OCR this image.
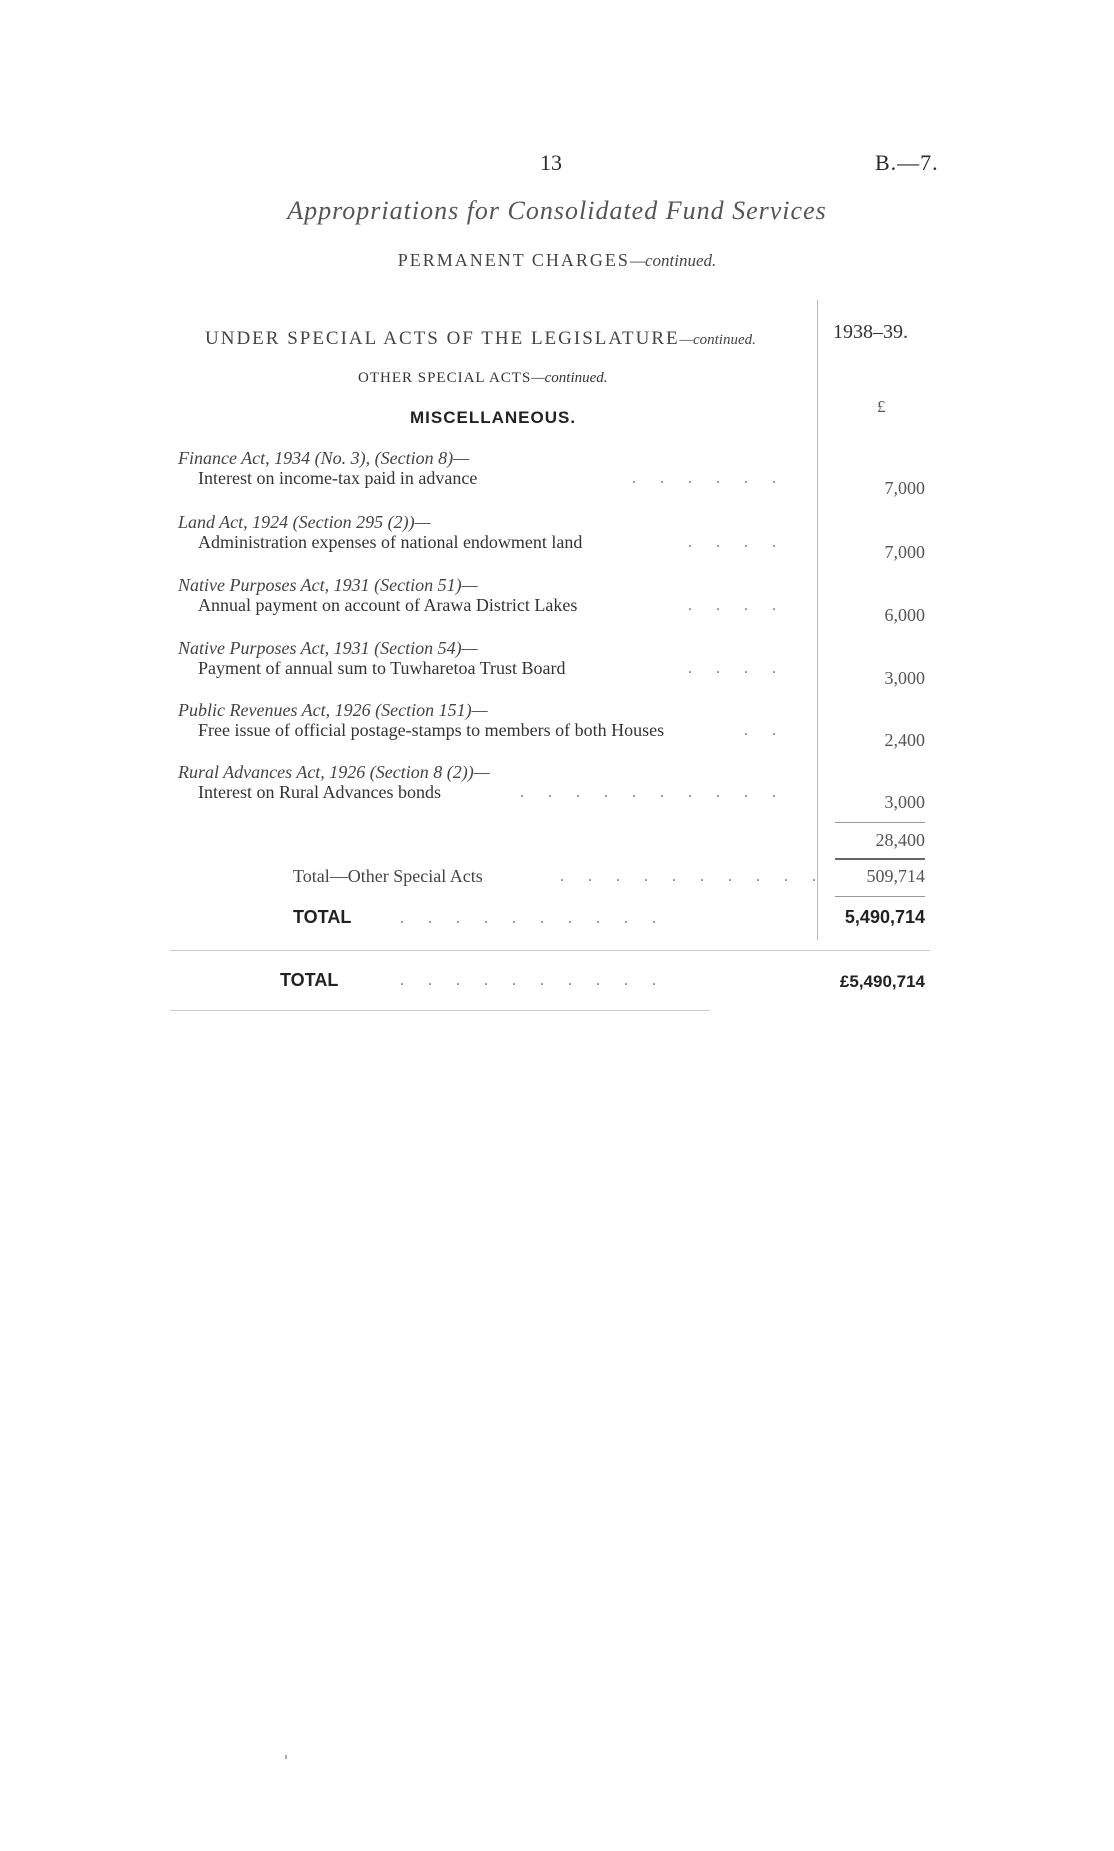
13	B.—7.
Appropriations for Consolidated Fund Services
PERMANENT CHARGES—continued.
UNDER SPECIAL ACTS OF THE LEGISLATURE—continued.	1938–39.
OTHER SPECIAL ACTS—continued.
£
MISCELLANEOUS.
Finance Act, 1934 (No. 3), (Section 8)—
Interest on income-tax paid in advance	......	7,000
Land Act, 1924 (Section 295 (2))—
Administration expenses of national endowment land	....	7,000
Native Purposes Act, 1931 (Section 51)—
Annual payment on account of Arawa District Lakes	....	6,000
Native Purposes Act, 1931 (Section 54)—
Payment of annual sum to Tuwharetoa Trust Board	....	3,000
Public Revenues Act, 1926 (Section 151)—
Free issue of official postage-stamps to members of both Houses	..	2,400
Rural Advances Act, 1926 (Section 8 (2))—
Interest on Rural Advances bonds	..........	3,000
28,400
Total—Other Special Acts	..........	509,714
TOTAL	..........	5,490,714
TOTAL	..........	£5,490,714
